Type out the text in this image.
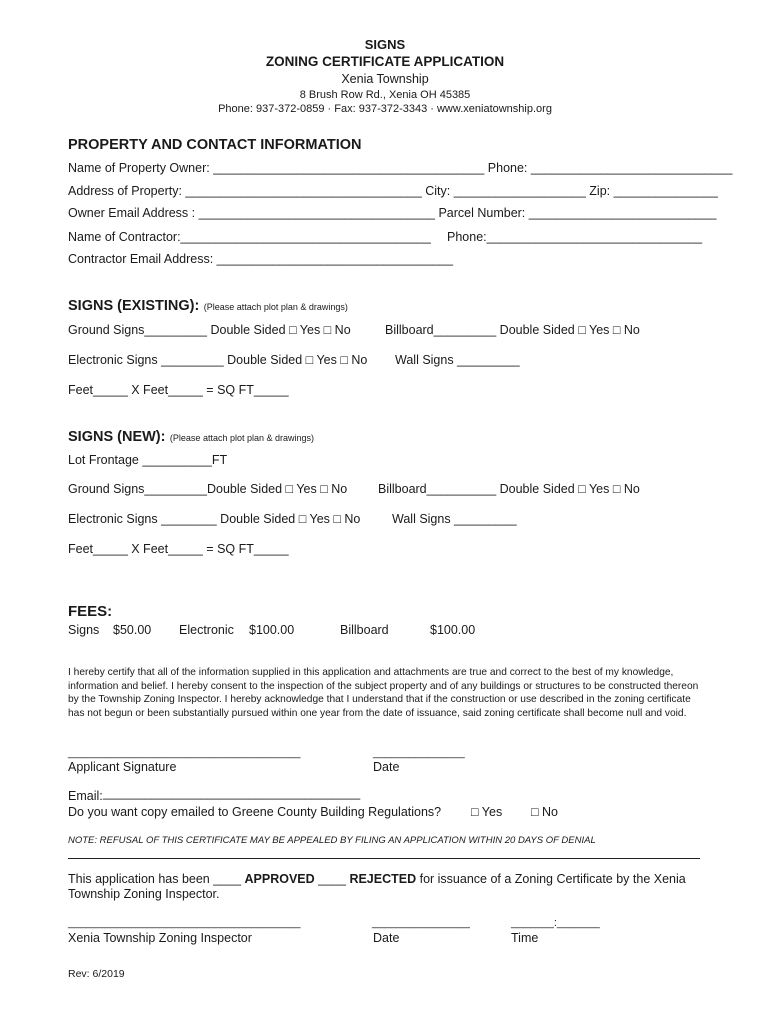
SIGNS
ZONING CERTIFICATE APPLICATION
Xenia Township
8 Brush Row Rd., Xenia OH 45385
Phone: 937-372-0859 · Fax: 937-372-3343 · www.xeniatownship.org
PROPERTY AND CONTACT INFORMATION
Name of Property Owner: _______________________________________ Phone: _____________________________
Address of Property: __________________________________ City: ___________________ Zip: _______________
Owner Email Address : __________________________________ Parcel Number: ___________________________
Name of Contractor:____________________________________ Phone:_______________________________
Contractor Email Address: __________________________________
SIGNS (EXISTING): (Please attach plot plan & drawings)
Ground Signs_________ Double Sided □ Yes □ No	Billboard_________ Double Sided □ Yes □ No
Electronic Signs _________ Double Sided □ Yes □ No Wall Signs _________
Feet_____ X Feet_____ = SQ FT_____
SIGNS (NEW): (Please attach plot plan & drawings)
Lot Frontage __________FT
Ground Signs_________Double Sided □ Yes □ No Billboard__________ Double Sided □ Yes □ No
Electronic Signs ________ Double Sided □ Yes □ No	Wall Signs _________
Feet_____ X Feet_____ = SQ FT_____
FEES:
Signs $50.00 Electronic $100.00	Billboard	$100.00
I hereby certify that all of the information supplied in this application and attachments are true and correct to the best of my knowledge, information and belief. I hereby consent to the inspection of the subject property and of any buildings or structures to be constructed thereon by the Township Zoning Inspector. I hereby acknowledge that I understand that if the construction or use described in the zoning certificate has not begun or been substantially pursued within one year from the date of issuance, said zoning certificate shall become null and void.
______________________________________	_______________
Applicant Signature	Date
Email: _____________________________________
Do you want copy emailed to Greene County Building Regulations? □ Yes □ No
NOTE: REFUSAL OF THIS CERTIFICATE MAY BE APPEALED BY FILING AN APPLICATION WITHIN 20 DAYS OF DENIAL
This application has been ____ APPROVED ____ REJECTED for issuance of a Zoning Certificate by the Xenia
Township Zoning Inspector.
______________________________________	________________	_______:_______
Xenia Township Zoning Inspector	Date	Time
Rev: 6/2019
